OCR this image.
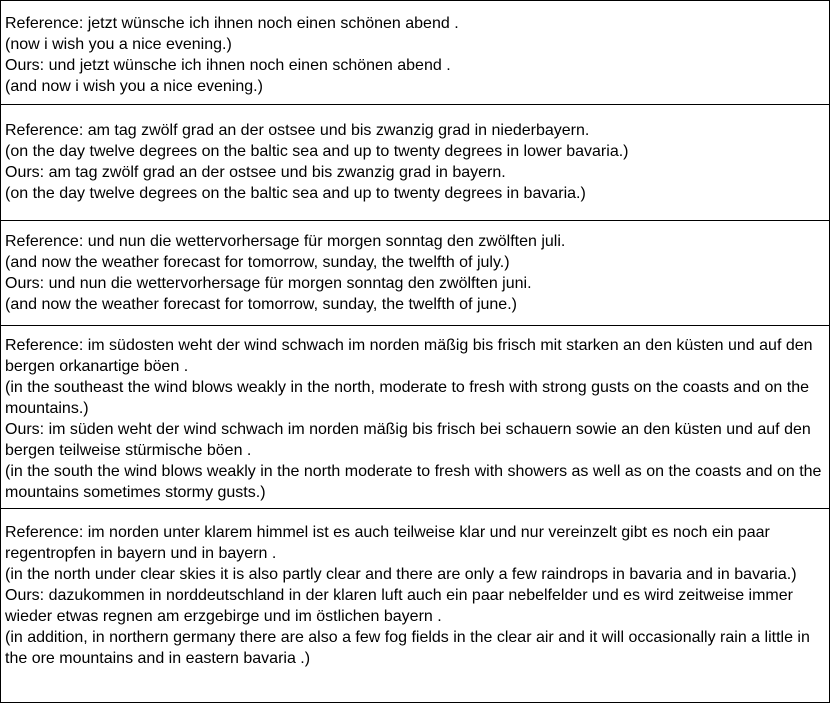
Reference: jetzt wünsche ich ihnen noch einen schönen abend .
(now i wish you a nice evening.)
Ours: und jetzt wünsche ich ihnen noch einen schönen abend .
(and now i wish you a nice evening.)
Reference: am tag zwölf grad an der ostsee und bis zwanzig grad in niederbayern.
(on the day twelve degrees on the baltic sea and up to twenty degrees in lower bavaria.)
Ours: am tag zwölf grad an der ostsee und bis zwanzig grad in bayern.
(on the day twelve degrees on the baltic sea and up to twenty degrees in bavaria.)
Reference: und nun die wettervorhersage für morgen sonntag den zwölften juli.
(and now the weather forecast for tomorrow, sunday, the twelfth of july.)
Ours: und nun die wettervorhersage für morgen sonntag den zwölften juni.
(and now the weather forecast for tomorrow, sunday, the twelfth of june.)
Reference: im südosten weht der wind schwach im norden mäßig bis frisch mit starken an den küsten und auf den bergen orkanartige böen .
(in the southeast the wind blows weakly in the north, moderate to fresh with strong gusts on the coasts and on the mountains.)
Ours: im süden weht der wind schwach im norden mäßig bis frisch bei schauern sowie an den küsten und auf den bergen teilweise stürmische böen .
(in the south the wind blows weakly in the north moderate to fresh with showers as well as on the coasts and on the mountains sometimes stormy gusts.)
Reference: im norden unter klarem himmel ist es auch teilweise klar und nur vereinzelt gibt es noch ein paar regentropfen in bayern und in bayern .
(in the north under clear skies it is also partly clear and there are only a few raindrops in bavaria and in bavaria.)
Ours: dazukommen in norddeutschland in der klaren luft auch ein paar nebelfelder und es wird zeitweise immer wieder etwas regnen am erzgebirge und im östlichen bayern .
(in addition, in northern germany there are also a few fog fields in the clear air and it will occasionally rain a little in the ore mountains and in eastern bavaria .)
